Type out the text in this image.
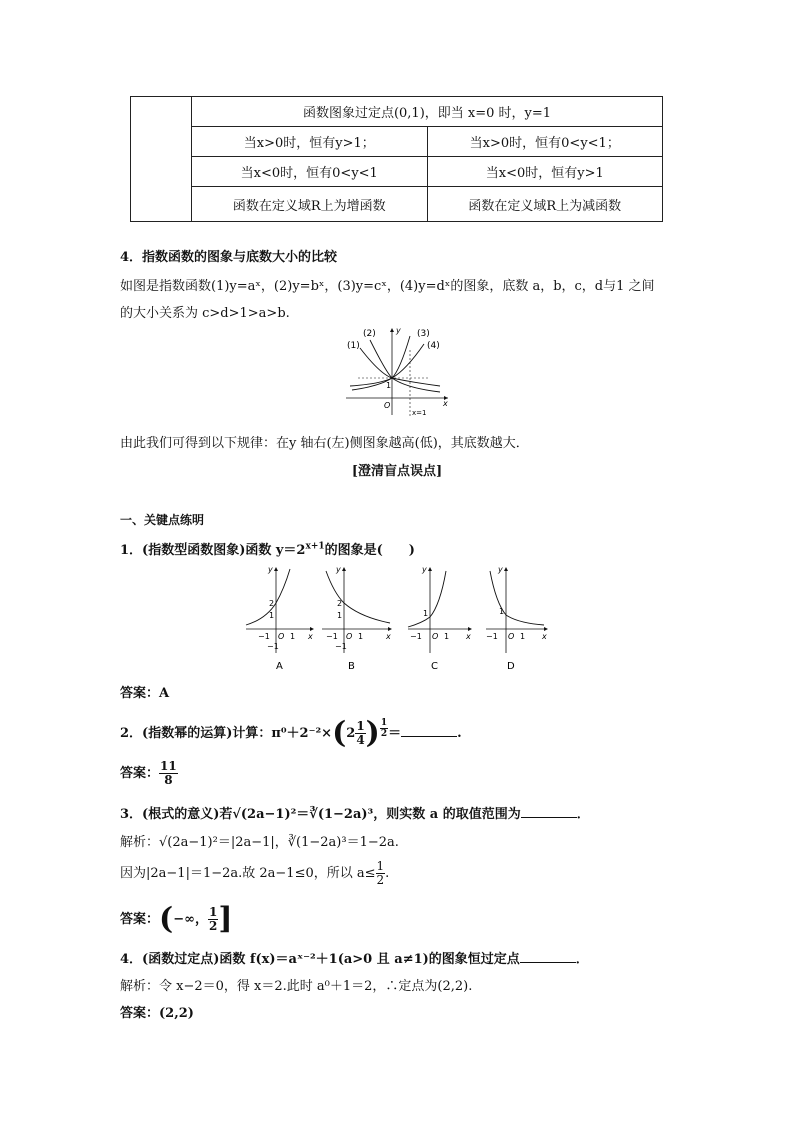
	函数图象过定点(0,1)，即当 x=0 时，y=1	
	当x>0时，恒有y>1；	当x>0时，恒有0<y<1；
	当x<0时，恒有0<y<1	当x<0时，恒有y>1
	函数在定义域R上为增函数	函数在定义域R上为减函数
4．指数函数的图象与底数大小的比较
如图是指数函数(1)y=aˣ，(2)y=bˣ，(3)y=cˣ，(4)y=dˣ的图象，底数 a，b，c，d与1 之间
的大小关系为 c>d>1>a>b.
(1)
(2)	(3)
(4)
y
x
O
1
x=1
由此我们可得到以下规律：在y 轴右(左)侧图象越高(低)，其底数越大．
[澄清盲点误点]
一、关键点练明
1．(指数型函数图象)函数 $y=2^{x+1}$的图象是(　　)
y
x
2
1
−1 O 1
−1
A
y
x
2
1
−1 O 1
−1
B
y
x
1
−1 O 1
C
y
x
1
−1 O 1
D
答案：A
2．(指数幂的运算)计算：$\pi^0+2^{-2}\times(2 \frac{1}{4}$ ) $\frac{1}{2}$ ＝	.
答案： $\frac{11}{8}$
3．(根式的意义)若√(2a−1)²＝∛(1−2a)³，则实数 a 的取值范围为	．
解析：√(2a−1)²＝|2a−1|，∛(1−2a)³＝1−2a.
因为|2a−1|＝1−2a.故 2a−1≤0，所以 $a\le \frac{1}{2}$ .
答案：(−∞， $\frac{1}{2}$ ]
4．(函数过定点)函数 f(x)＝aˣ⁻²＋1(a>0 且 a≠1)的图象恒过定点	．
解析：令 x−2＝0，得 x＝2.此时 a⁰＋1＝2，∴定点为(2,2).
答案：(2,2)
